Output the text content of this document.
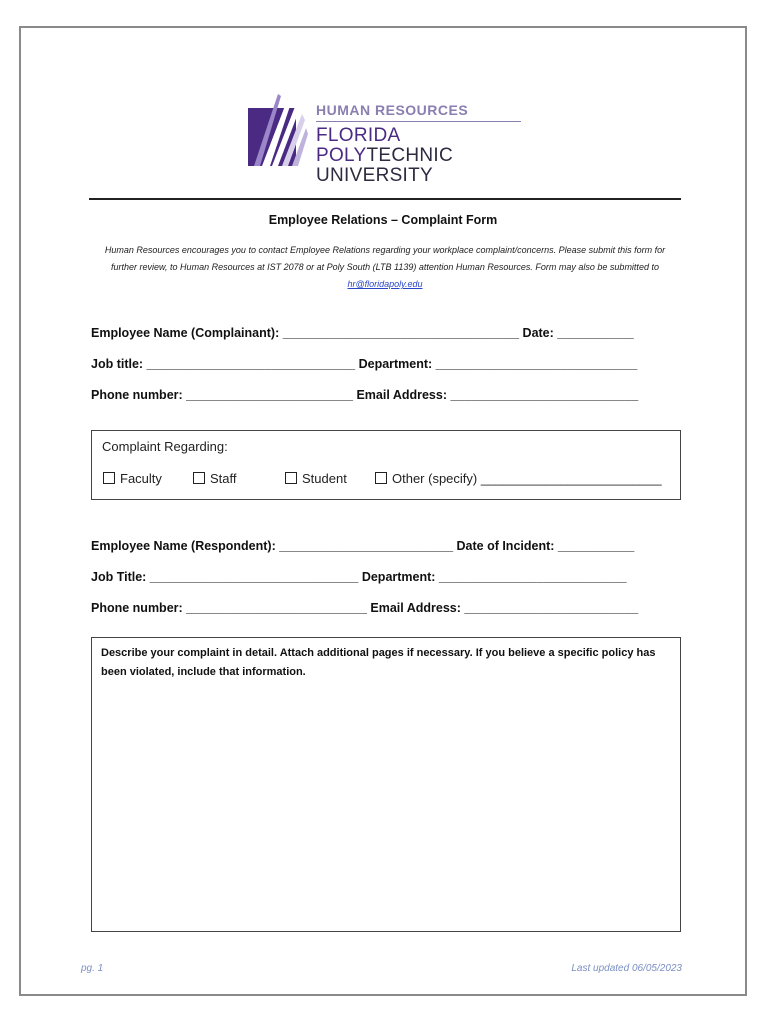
HUMAN RESOURCES
FLORIDA POLYTECHNIC
UNIVERSITY
Employee Relations – Complaint Form
Human Resources encourages you to contact Employee Relations regarding your workplace complaint/concerns. Please submit this form for further review, to Human Resources at IST 2078 or at Poly South (LTB 1139) attention Human Resources. Form may also be submitted to hr@floridapoly.edu
Employee Name (Complainant): __________________________________ Date: ___________
Job title: ______________________________ Department: _____________________________
Phone number: ________________________ Email Address: ___________________________
Complaint Regarding:
Faculty	Staff	Student	Other (specify) _________________________
Employee Name (Respondent): _________________________ Date of Incident: ___________
Job Title: ______________________________ Department: ___________________________
Phone number: __________________________ Email Address: _________________________
Describe your complaint in detail. Attach additional pages if necessary. If you believe a specific policy has been violated, include that information.
pg. 1	Last updated 06/05/2023
